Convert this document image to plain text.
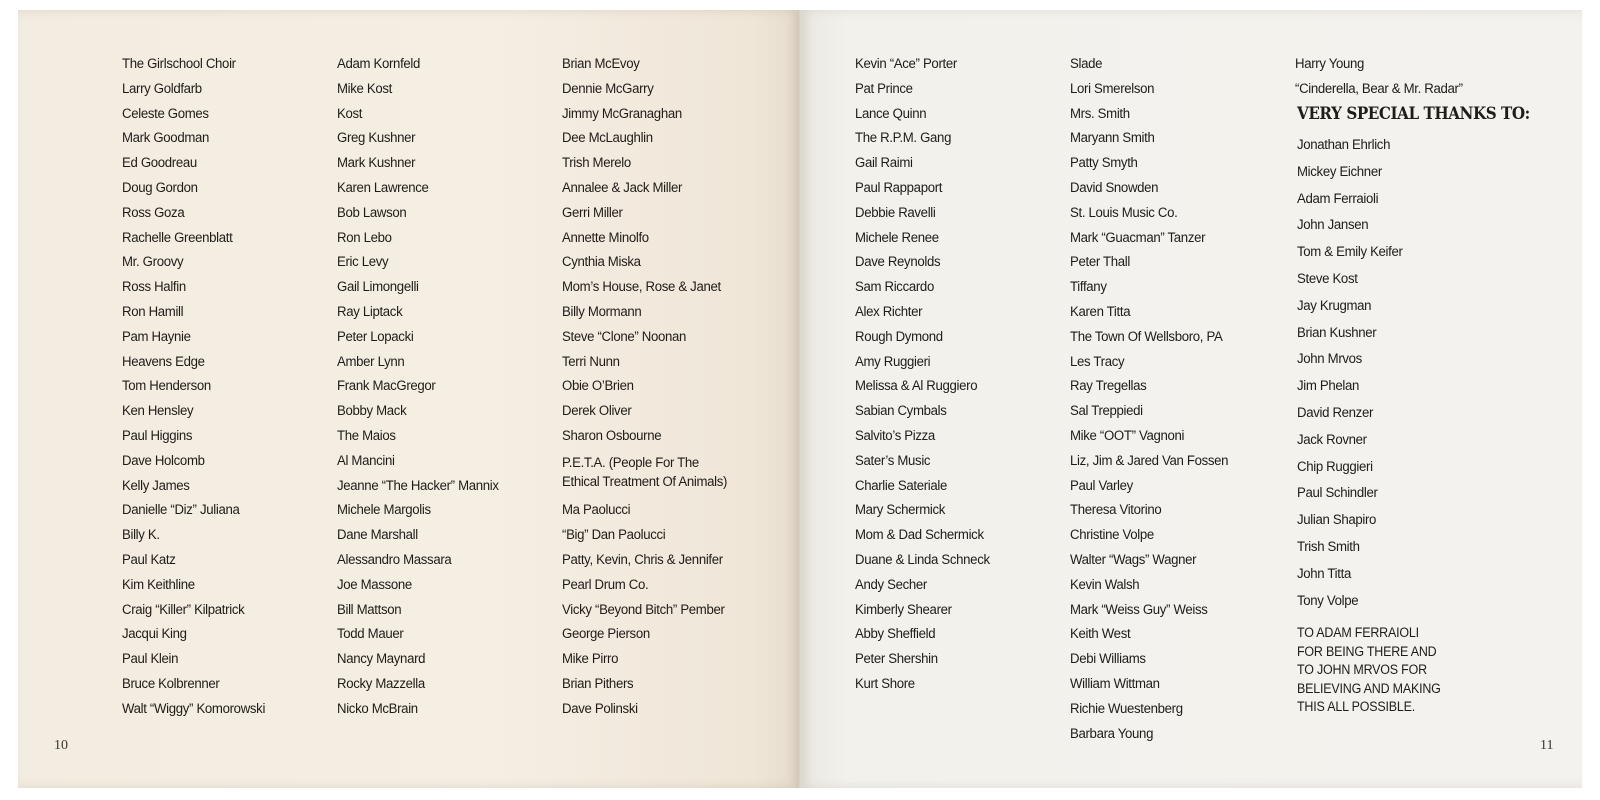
The Girlschool Choir
Larry Goldfarb
Celeste Gomes
Mark Goodman
Ed Goodreau
Doug Gordon
Ross Goza
Rachelle Greenblatt
Mr. Groovy
Ross Halfin
Ron Hamill
Pam Haynie
Heavens Edge
Tom Henderson
Ken Hensley
Paul Higgins
Dave Holcomb
Kelly James
Danielle “Diz” Juliana
Billy K.
Paul Katz
Kim Keithline
Craig “Killer” Kilpatrick
Jacqui King
Paul Klein
Bruce Kolbrenner
Walt “Wiggy” Komorowski
Adam Kornfeld
Mike Kost
Kost
Greg Kushner
Mark Kushner
Karen Lawrence
Bob Lawson
Ron Lebo
Eric Levy
Gail Limongelli
Ray Liptack
Peter Lopacki
Amber Lynn
Frank MacGregor
Bobby Mack
The Maios
Al Mancini
Jeanne “The Hacker” Mannix
Michele Margolis
Dane Marshall
Alessandro Massara
Joe Massone
Bill Mattson
Todd Mauer
Nancy Maynard
Rocky Mazzella
Nicko McBrain
Brian McEvoy
Dennie McGarry
Jimmy McGranaghan
Dee McLaughlin
Trish Merelo
Annalee & Jack Miller
Gerri Miller
Annette Minolfo
Cynthia Miska
Mom’s House, Rose & Janet
Billy Mormann
Steve “Clone” Noonan
Terri Nunn
Obie O’Brien
Derek Oliver
Sharon Osbourne
P.E.T.A. (People For The
Ethical Treatment Of Animals)
Ma Paolucci
“Big” Dan Paolucci
Patty, Kevin, Chris & Jennifer
Pearl Drum Co.
Vicky “Beyond Bitch” Pember
George Pierson
Mike Pirro
Brian Pithers
Dave Polinski
Kevin “Ace” Porter
Pat Prince
Lance Quinn
The R.P.M. Gang
Gail Raimi
Paul Rappaport
Debbie Ravelli
Michele Renee
Dave Reynolds
Sam Riccardo
Alex Richter
Rough Dymond
Amy Ruggieri
Melissa & Al Ruggiero
Sabian Cymbals
Salvito’s Pizza
Sater’s Music
Charlie Sateriale
Mary Schermick
Mom & Dad Schermick
Duane & Linda Schneck
Andy Secher
Kimberly Shearer
Abby Sheffield
Peter Shershin
Kurt Shore
Slade
Lori Smerelson
Mrs. Smith
Maryann Smith
Patty Smyth
David Snowden
St. Louis Music Co.
Mark “Guacman” Tanzer
Peter Thall
Tiffany
Karen Titta
The Town Of Wellsboro, PA
Les Tracy
Ray Tregellas
Sal Treppiedi
Mike “OOT” Vagnoni
Liz, Jim & Jared Van Fossen
Paul Varley
Theresa Vitorino
Christine Volpe
Walter “Wags” Wagner
Kevin Walsh
Mark “Weiss Guy” Weiss
Keith West
Debi Williams
William Wittman
Richie Wuestenberg
Barbara Young
Harry Young
“Cinderella, Bear & Mr. Radar”
VERY SPECIAL THANKS TO:
Jonathan Ehrlich
Mickey Eichner
Adam Ferraioli
John Jansen
Tom & Emily Keifer
Steve Kost
Jay Krugman
Brian Kushner
John Mrvos
Jim Phelan
David Renzer
Jack Rovner
Chip Ruggieri
Paul Schindler
Julian Shapiro
Trish Smith
John Titta
Tony Volpe
TO ADAM FERRAIOLI
FOR BEING THERE AND
TO JOHN MRVOS FOR
BELIEVING AND MAKING
THIS ALL POSSIBLE.
10	11
